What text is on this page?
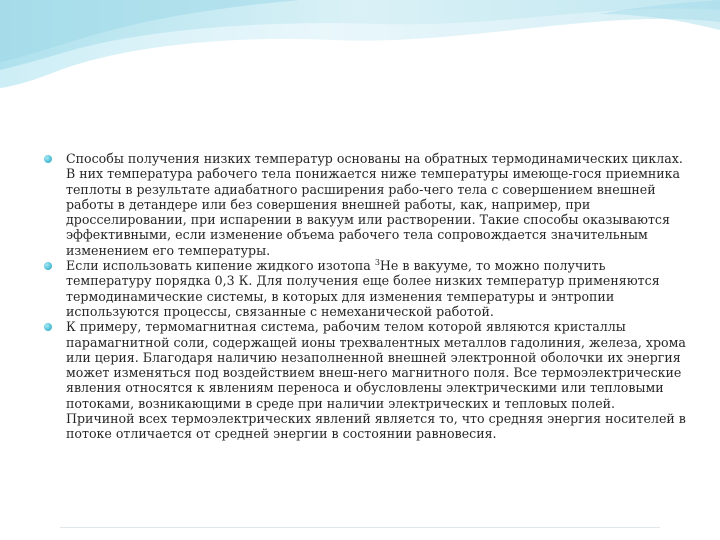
Способы получения низких температур основаны на обратных термодинамических циклах. В них температура рабочего тела понижается ниже температуры имеюще-гося приемника теплоты в результате адиабатного расширения рабо-чего тела с совершением внешней работы в детандере или без совершения внешней работы, как, например, при дросселировании, при испарении в вакуум или растворении. Такие способы оказываются эффективными, если изменение объема рабочего тела сопровождается значительным изменением его температуры.
Если использовать кипение жидкого изотопа $^3$Не в вакууме, то можно получить температуру порядка 0,3 К. Для получения еще более низких температур применяются термодинамические системы, в которых для изменения температуры и энтропии используются процессы, связанные с немеханической работой.
К примеру, термомагнитная система, рабочим телом которой являются кристаллы парамагнитной соли, содержащей ионы трехвалентных металлов гадолиния, железа, хрома или церия. Благодаря наличию незаполненной внешней электронной оболочки их энергия может изменяться под воздействием внеш-него магнитного поля. Все термоэлектрические явления относятся к явлениям переноса и обусловлены электрическими или тепловыми потоками, возникающими в среде при наличии электрических и тепловых полей. Причиной всех термоэлектрических явлений является то, что средняя энергия носителей в потоке отличается от средней энергии в состоянии равновесия.
